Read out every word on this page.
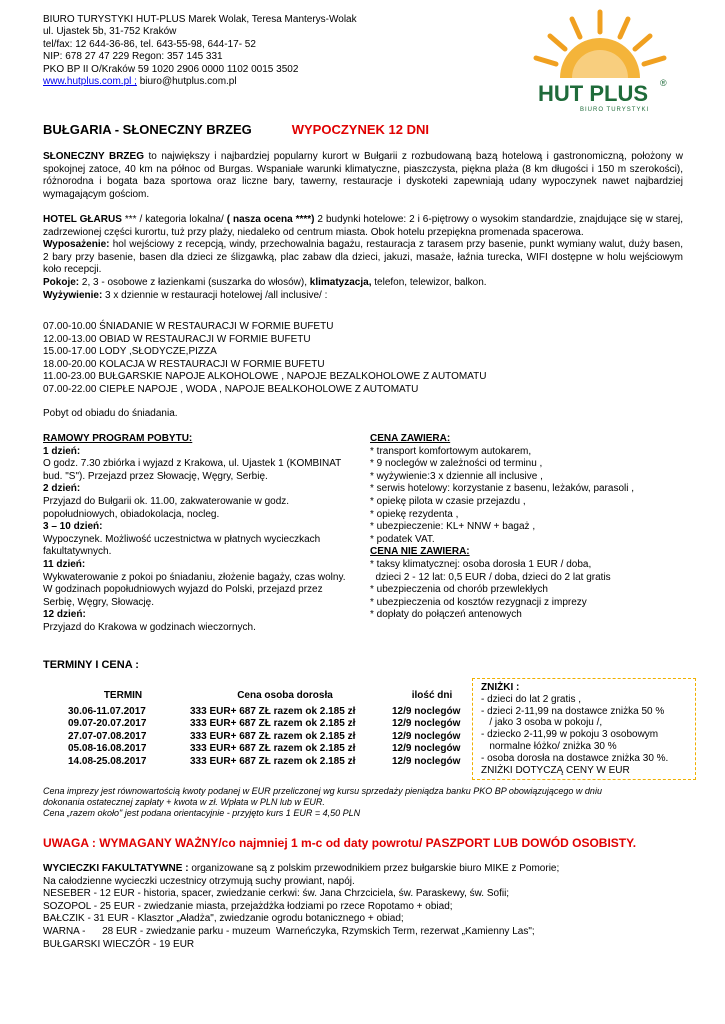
BIURO TURYSTYKI HUT-PLUS Marek Wolak, Teresa Manterys-Wolak
ul. Ujastek 5b, 31-752 Kraków
tel/fax: 12 644-36-86, tel. 643-55-98, 644-17- 52
NIP: 678 27 47 229 Regon: 357 145 331
PKO BP II O/Kraków 59 1020 2906 0000 1102 0015 3502
www.hutplus.com.pl ; biuro@hutplus.com.pl	HUT PLUS ®
BIURO TURYSTYKI
BUŁGARIA - SŁONECZNY BRZEG	WYPOCZYNEK 12 DNI
SŁONECZNY BRZEG to największy i najbardziej popularny kurort w Bułgarii z rozbudowaną bazą hotelową i gastronomiczną, położony w spokojnej zatoce, 40 km na północ od Burgas. Wspaniałe warunki klimatyczne, piaszczysta, piękna plaża (8 km długości i 150 m szerokości), różnorodna i bogata baza sportowa oraz liczne bary, tawerny, restauracje i dyskoteki zapewniają udany wypoczynek nawet najbardziej wymagającym gościom.
HOTEL GŁARUS *** / kategoria lokalna/ ( nasza ocena ****) 2 budynki hotelowe: 2 i 6-piętrowy o wysokim standardzie, znajdujące się w starej, zadrzewionej części kurortu, tuż przy plaży, niedaleko od centrum miasta. Obok hotelu przepiękna promenada spacerowa.
Wyposażenie: hol wejściowy z recepcją, windy, przechowalnia bagażu, restauracja z tarasem przy basenie, punkt wymiany walut, duży basen, 2 bary przy basenie, basen dla dzieci ze ślizgawką, plac zabaw dla dzieci, jakuzi, masaże, łaźnia turecka, WIFI dostępne w holu wejściowym koło recepcji.
Pokoje: 2, 3 - osobowe z łazienkami (suszarka do włosów), klimatyzacja, telefon, telewizor, balkon.
Wyżywienie: 3 x dziennie w restauracji hotelowej /all inclusive/ :
07.00-10.00 ŚNIADANIE W RESTAURACJI W FORMIE BUFETU
12.00-13.00 OBIAD W RESTAURACJI W FORMIE BUFETU
15.00-17.00 LODY ,SŁODYCZE,PIZZA
18.00-20.00 KOLACJA W RESTAURACJI W FORMIE BUFETU
11.00-23.00 BUŁGARSKIE NAPOJE ALKOHOLOWE , NAPOJE BEZALKOHOLOWE Z AUTOMATU
07.00-22.00 CIEPŁE NAPOJE , WODA , NAPOJE BEALKOHOLOWE Z AUTOMATU
Pobyt od obiadu do śniadania.
RAMOWY PROGRAM POBYTU:
1 dzień:
O godz. 7.30 zbiórka i wyjazd z Krakowa, ul. Ujastek 1 (KOMBINAT bud. "S"). Przejazd przez Słowację, Węgry, Serbię.
2 dzień:
Przyjazd do Bułgarii ok. 11.00, zakwaterowanie w godz. popołudniowych, obiadokolacja, nocleg.
3 – 10 dzień:
Wypoczynek. Możliwość uczestnictwa w płatnych wycieczkach fakultatywnych.
11 dzień:
Wykwaterowanie z pokoi po śniadaniu, złożenie bagaży, czas wolny. W godzinach popołudniowych wyjazd do Polski, przejazd przez Serbię, Węgry, Słowację.
12 dzień:
Przyjazd do Krakowa w godzinach wieczornych.
CENA ZAWIERA:
* transport komfortowym autokarem,
* 9 noclegów w zależności od terminu ,
* wyżywienie:3 x dziennie all inclusive ,
* serwis hotelowy: korzystanie z basenu, leżaków, parasoli ,
* opiekę pilota w czasie przejazdu ,
* opiekę rezydenta ,
* ubezpieczenie: KL+ NNW + bagaż ,
* podatek VAT.
CENA NIE ZAWIERA:
* taksy klimatycznej: osoba dorosła 1 EUR / doba,
dzieci 2 - 12 lat: 0,5 EUR / doba, dzieci do 2 lat gratis
* ubezpieczenia od chorób przewlekłych
* ubezpieczenia od kosztów rezygnacji z imprezy
* dopłaty do połączeń antenowych
TERMINY I CENA :
TERMIN	Cena osoba dorosła	ilość dni
30.06-11.07.2017	333 EUR+ 687 ZŁ razem ok 2.185 zł	12/9 noclegów
09.07-20.07.2017	333 EUR+ 687 ZŁ razem ok 2.185 zł	12/9 noclegów
27.07-07.08.2017	333 EUR+ 687 ZŁ razem ok 2.185 zł	12/9 noclegów
05.08-16.08.2017	333 EUR+ 687 ZŁ razem ok 2.185 zł	12/9 noclegów
14.08-25.08.2017	333 EUR+ 687 ZŁ razem ok 2.185 zł	12/9 noclegów
ZNIŻKI :
- dzieci do lat 2 gratis ,
- dzieci 2-11,99 na dostawce zniżka 50 %
/ jako 3 osoba w pokoju /,
- dziecko 2-11,99 w pokoju 3 osobowym
normalne łóżko/ zniżka 30 %
- osoba dorosła na dostawce zniżka 30 %.
ZNIŻKI DOTYCZĄ CENY W EUR
Cena imprezy jest równowartością kwoty podanej w EUR przeliczonej wg kursu sprzedaży pieniądza banku PKO BP obowiązującego w dniu
dokonania ostatecznej zapłaty + kwota w zł. Wpłata w PLN lub w EUR.
Cena „razem około" jest podana orientacyjnie - przyjęto kurs 1 EUR = 4,50 PLN
UWAGA : WYMAGANY WAŻNY/co najmniej 1 m-c od daty powrotu/ PASZPORT LUB DOWÓD OSOBISTY.
WYCIECZKI FAKULTATYWNE : organizowane są z polskim przewodnikiem przez bułgarskie biuro MIKE z Pomorie;
Na całodzienne wycieczki uczestnicy otrzymują suchy prowiant, napój.
NESEBER - 12 EUR - historia, spacer, zwiedzanie cerkwi: św. Jana Chrzciciela, św. Paraskewy, św. Sofii;
SOZOPOL - 25 EUR - zwiedzanie miasta, przejażdżka łodziami po rzece Ropotamo + obiad;
BAŁCZIK - 31 EUR - Klasztor „Aładża", zwiedzanie ogrodu botanicznego + obiad;
WARNA -      28 EUR - zwiedzanie parku - muzeum  Warneńczyka, Rzymskich Term, rezerwat „Kamienny Las";
BUŁGARSKI WIECZÓR - 19 EUR
